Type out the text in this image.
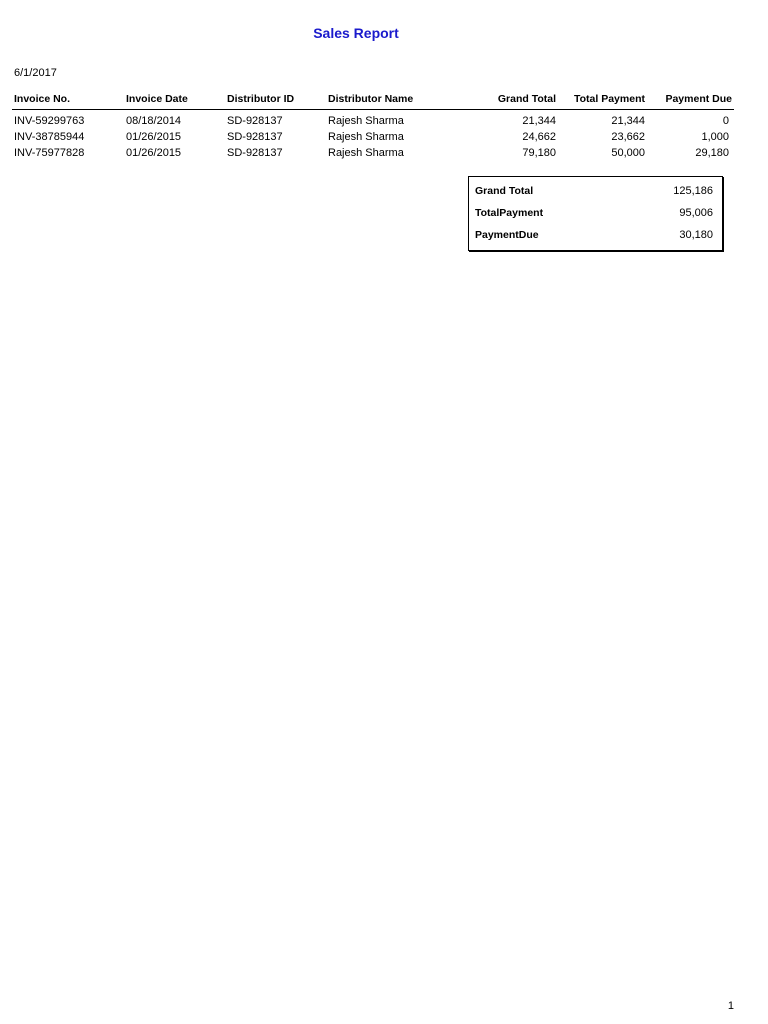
Sales Report
6/1/2017
Invoice No.	Invoice Date	Distributor ID	Distributor Name	Grand Total	Total Payment	Payment Due
INV-59299763	08/18/2014	SD-928137	Rajesh Sharma	21,344	21,344	0
INV-38785944	01/26/2015	SD-928137	Rajesh Sharma	24,662	23,662	1,000
INV-75977828	01/26/2015	SD-928137	Rajesh Sharma	79,180	50,000	29,180
Grand Total	125,186
TotalPayment	95,006
PaymentDue	30,180
1
